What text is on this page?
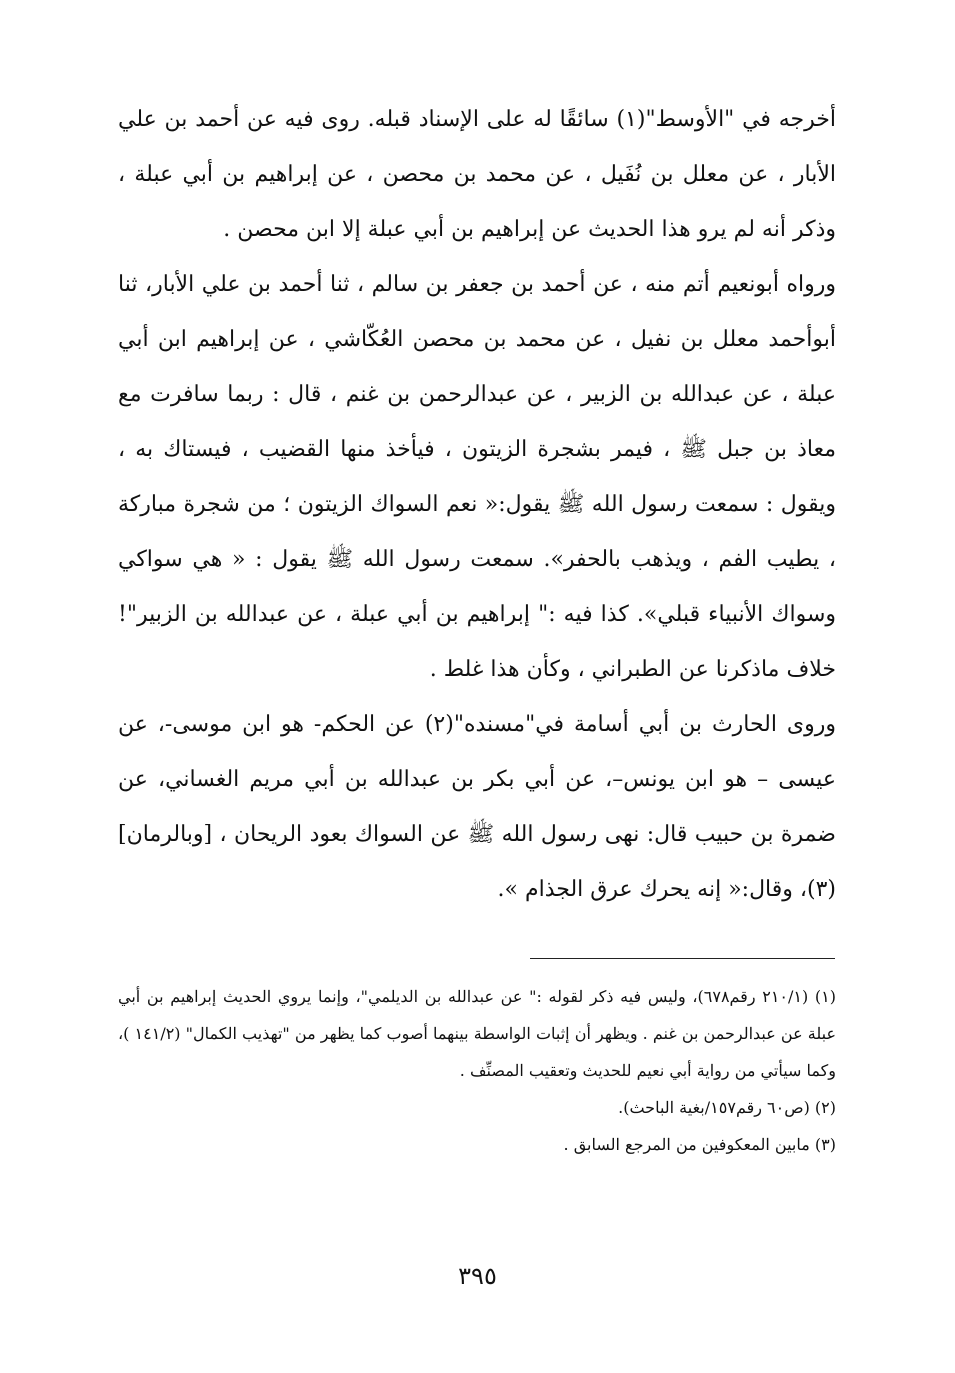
أخرجه في "الأوسط"(١) سائقًا له على الإسناد قبله. روى فيه عن أحمد بن علي الأبار ، عن معلل بن نُفَيل ، عن محمد بن محصن ، عن إبراهيم بن أبي عبلة ، وذكر أنه لم يرو هذا الحديث عن إبراهيم بن أبي عبلة إلا ابن محصن .

ورواه أبونعيم أتم منه ، عن أحمد بن جعفر بن سالم ، ثنا أحمد بن علي الأبار، ثنا أبوأحمد معلل بن نفيل ، عن محمد بن محصن العُكّاشي ، عن إبراهيم ابن أبي عبلة ، عن عبدالله بن الزبير ، عن عبدالرحمن بن غنم ، قال : ربما سافرت مع معاذ بن جبل ﷺ ، فيمر بشجرة الزيتون ، فيأخذ منها القضيب ، فيستاك به ، ويقول : سمعت رسول الله ﷺ يقول:« نعم السواك الزيتون ؛ من شجرة مباركة ، يطيب الفم ، ويذهب بالحفر». سمعت رسول الله ﷺ يقول : « هي سواكي وسواك الأنبياء قبلي». كذا فيه :" إبراهيم بن أبي عبلة ، عن عبدالله بن الزبير"! خلاف ماذكرنا عن الطبراني ، وكأن هذا غلط .

وروى الحارث بن أبي أسامة في"مسنده"(٢) عن الحكم- هو ابن موسى-، عن عيسى – هو ابن يونس–، عن أبي بكر بن عبدالله بن أبي مريم الغساني، عن ضمرة بن حبيب قال: نهى رسول الله ﷺ عن السواك بعود الريحان ، [وبالرمان](٣)، وقال:« إنه يحرك عرق الجذام ».

(١) (٢١٠/١ رقم٦٧٨)، وليس فيه ذكر لقوله :" عن عبدالله بن الديلمي"، وإنما يروي الحديث إبراهيم بن أبي عبلة عن عبدالرحمن بن غنم . ويظهر أن إثبات الواسطة بينهما أصوب كما يظهر من "تهذيب الكمال" (١٤١/٢ )، وكما سيأتي من رواية أبي نعيم للحديث وتعقيب المصنِّف .

(٢) (ص٦٠ رقم١٥٧/بغية الباحث).

(٣) مابين المعكوفين من المرجع السابق .

٣٩٥
